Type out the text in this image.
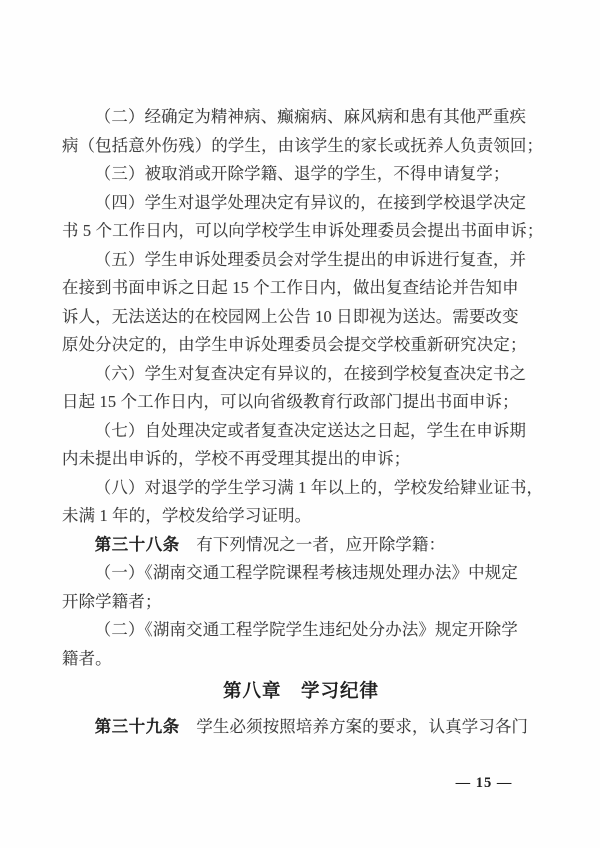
（二）经确定为精神病、癫痫病、麻风病和患有其他严重疾
病（包括意外伤残）的学生，由该学生的家长或抚养人负责领回；
（三）被取消或开除学籍、退学的学生，不得申请复学；
（四）学生对退学处理决定有异议的，在接到学校退学决定
书 5 个工作日内，可以向学校学生申诉处理委员会提出书面申诉；
（五）学生申诉处理委员会对学生提出的申诉进行复查，并
在接到书面申诉之日起 15 个工作日内，做出复查结论并告知申
诉人，无法送达的在校园网上公告 10 日即视为送达。需要改变
原处分决定的，由学生申诉处理委员会提交学校重新研究决定；
（六）学生对复查决定有异议的，在接到学校复查决定书之
日起 15 个工作日内，可以向省级教育行政部门提出书面申诉；
（七）自处理决定或者复查决定送达之日起，学生在申诉期
内未提出申诉的，学校不再受理其提出的申诉；
（八）对退学的学生学习满 1 年以上的，学校发给肄业证书，
未满 1 年的，学校发给学习证明。
第三十八条　有下列情况之一者，应开除学籍：
（一）《湖南交通工程学院课程考核违规处理办法》中规定
开除学籍者；
（二）《湖南交通工程学院学生违纪处分办法》规定开除学
籍者。
第八章　学习纪律
第三十九条　学生必须按照培养方案的要求，认真学习各门
— 15 —
